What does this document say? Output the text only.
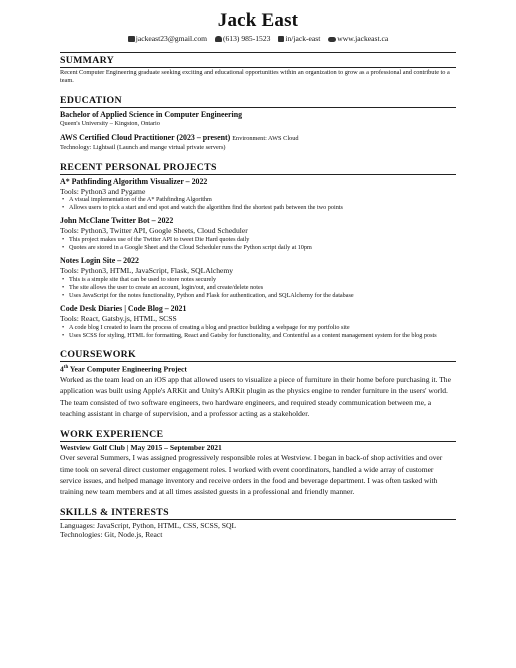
Jack East
jackeast23@gmail.com (613) 985-1523 in/jack-east www.jackeast.ca
SUMMARY
Recent Computer Engineering graduate seeking exciting and educational opportunities within an organization to grow as a professional and contribute to a team.
EDUCATION
Bachelor of Applied Science in Computer Engineering
Queen's University – Kingston, Ontario
AWS Certified Cloud Practitioner (2023 – present) Environment: AWS Cloud
Technology: Lightsail (Launch and mange virtual private servers)
RECENT PERSONAL PROJECTS
A* Pathfinding Algorithm Visualizer – 2022
Tools: Python3 and Pygame
• A visual implementation of the A* Pathfinding Algorithm
• Allows users to pick a start and end spot and watch the algorithm find the shortest path between the two points
John McClane Twitter Bot – 2022
Tools: Python3, Twitter API, Google Sheets, Cloud Scheduler
• This project makes use of the Twitter API to tweet Die Hard quotes daily
• Quotes are stored in a Google Sheet and the Cloud Scheduler runs the Python script daily at 10pm
Notes Login Site – 2022
Tools: Python3, HTML, JavaScript, Flask, SQLAlchemy
• This is a simple site that can be used to store notes securely
• The site allows the user to create an account, login/out, and create/delete notes
• Uses JavaScript for the notes functionality, Python and Flask for authentication, and SQLAlchemy for the database
Code Desk Diaries | Code Blog – 2021
Tools: React, Gatsby.js, HTML, SCSS
• A code blog I created to learn the process of creating a blog and practice building a webpage for my portfolio site
• Uses SCSS for styling, HTML for formatting, React and Gatsby for functionality, and Contentful as a content management system for the blog posts
COURSEWORK
4th Year Computer Engineering Project
Worked as the team lead on an iOS app that allowed users to visualize a piece of furniture in their home before purchasing it. The application was built using Apple's ARKit and Unity's ARKit plugin as the physics engine to render furniture in the users' world. The team consisted of two software engineers, two hardware engineers, and required steady communication between me, a teaching assistant in charge of supervision, and a professor acting as a stakeholder.
WORK EXPERIENCE
Westview Golf Club | May 2015 – September 2021
Over several Summers, I was assigned progressively responsible roles at Westview. I began in back-of shop activities and over time took on several direct customer engagement roles. I worked with event coordinators, handled a wide array of customer service issues, and helped manage inventory and receive orders in the food and beverage department. I was often tasked with training new team members and at all times assisted guests in a professional and friendly manner.
SKILLS & INTERESTS
Languages: JavaScript, Python, HTML, CSS, SCSS, SQL
Technologies: Git, Node.js, React
